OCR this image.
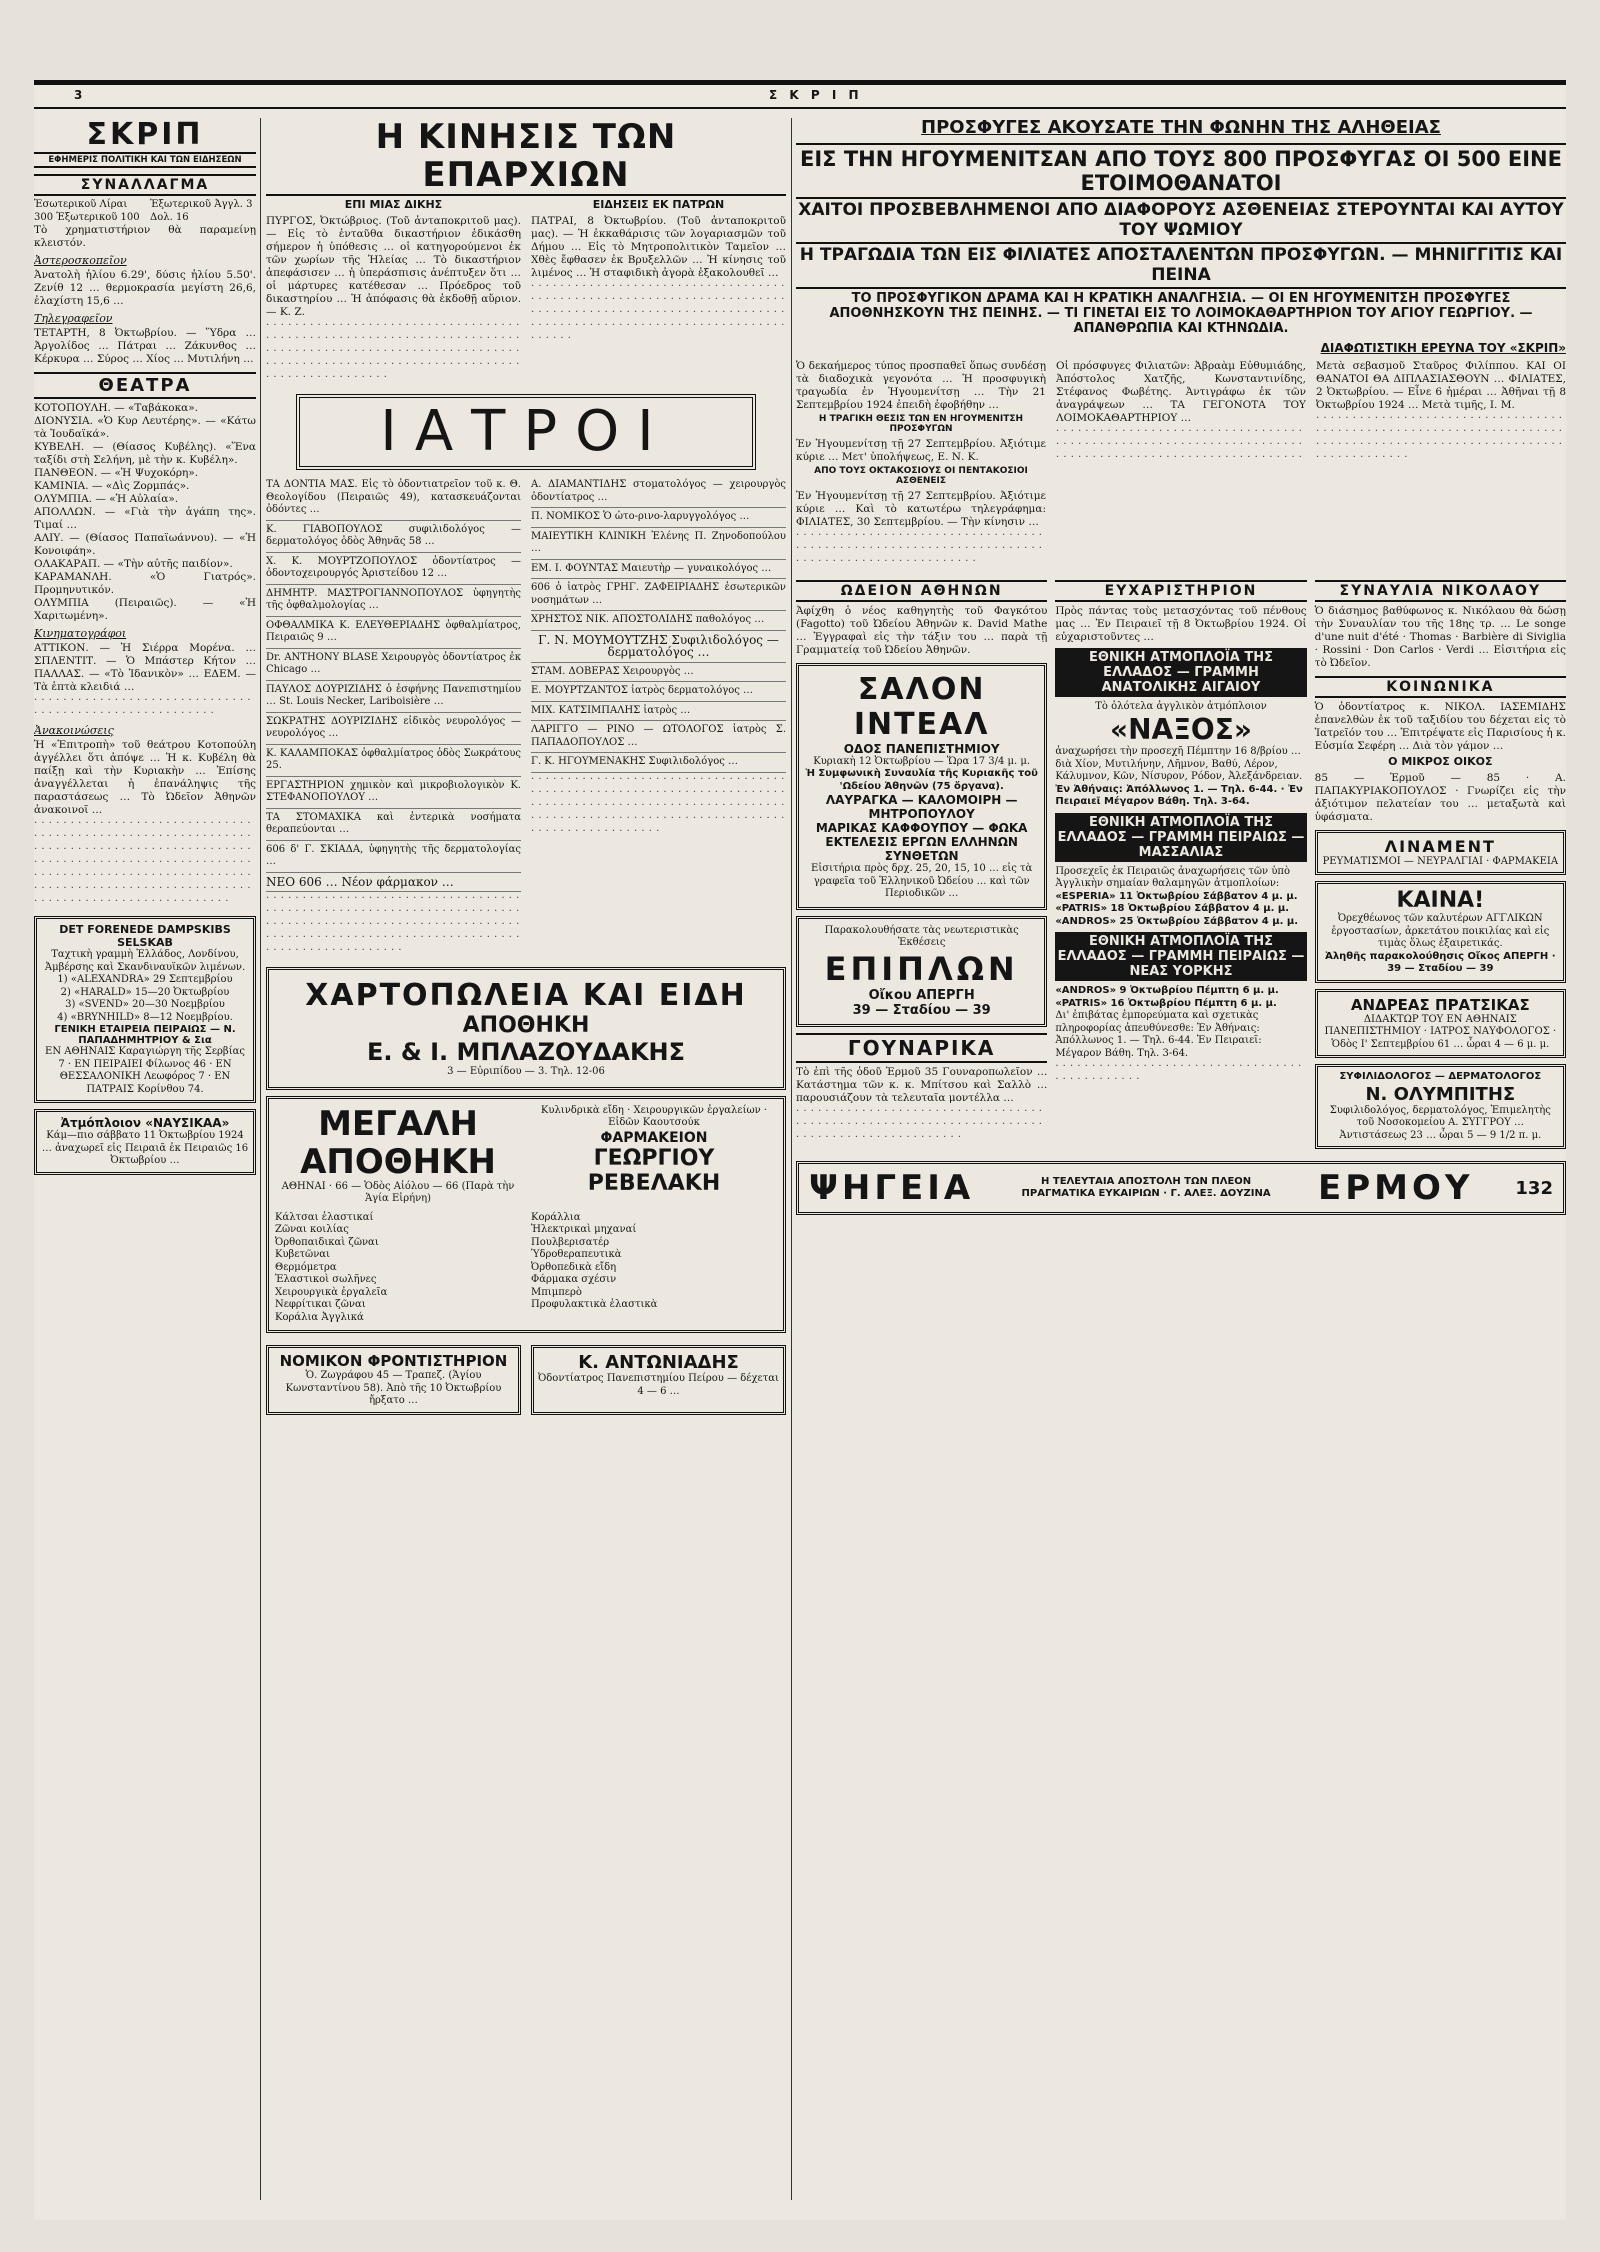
3	Σ Κ Ρ Ι Π
ΣΚΡΙΠ
ΕΦΗΜΕΡΙΣ ΠΟΛΙΤΙΚΗ ΚΑΙ ΤΩΝ ΕΙΔΗΣΕΩΝ
ΣΥΝΑΛΛΑΓΜΑ
Ἐσωτερικοῦ Λίραι 300 Ἐξωτερικοῦ 100
Ἐξωτερικοῦ Ἀγγλ. 3 Δολ. 16

Τὸ χρηματιστήριον θὰ παραμείνῃ κλειστόν.

Ἀστεροσκοπεῖον

Ἀνατολὴ ἡλίου 6.29', δύσις ἡλίου 5.50'. Ζενίθ 12 … θερμοκρασία μεγίστη 26,6, ἐλαχίστη 15,6 …

Τηλεγραφεῖον

ΤΕΤΑΡΤΗ, 8 Ὀκτωβρίου. — Ὕδρα … Ἀργολίδος … Πάτραι … Ζάκυνθος … Κέρκυρα … Σύρος … Χίος … Μυτιλήνη …

ΘΕΑΤΡΑ

ΚΟΤΟΠΟΥΛΗ. — «Ταβάκοκα».

ΔΙΟΝΥΣΙΑ. «Ὁ Κυρ Λευτέρης». — «Κάτω τὰ Ἰουδαϊκά».

ΚΥΒΕΛΗ. — (Θίασος Κυβέλης). «Ἕνα ταξίδι στὴ Σελήνη, μὲ τὴν κ. Κυβέλη».

ΠΑΝΘΕΟΝ. — «Ἡ Ψυχοκόρη».

ΚΑΜΙΝΙΑ. — «Δὶς Ζορμπάς».

ΟΛΥΜΠΙΑ. — «Ἡ Αὐλαία».

ΑΠΟΛΛΩΝ. — «Γιὰ τὴν ἀγάπη της». Τιμαί …

ΑΛΙΥ. — (Θίασος Παπαϊωάννου). — «Ἡ Κονοιφάη».

ΟΛΑΚΑΡΑΠ. — «Τὴν αὐτῆς παιδίον».

ΚΑΡΑΜΑΝΛΗ. «Ὁ Γιατρός». Προμηνυτικόν.

ΟΛΥΜΠΙΑ (Πειραιῶς). — «Ἡ Χαριτωμένη».

Κινηματογράφοι

ΑΤΤΙΚΟΝ. — Ἡ Σιέρρα Μορένα. … ΣΠΛΕΝΤΙΤ. — Ὁ Μπάστερ Κήτον … ΠΑΛΛΑΣ. — «Τὸ Ἰδανικὸν» … ΕΔΕΜ. — Τὰ ἑπτὰ κλειδιά …

· · · · · · · · · · · · · · · · · · · · · · · · · · · · · · · · · · · · · · · · · · · · · · · · · · · · · · ·

Ἀνακοινώσεις

Ἡ «Ἐπιτροπὴ» τοῦ θεάτρου Κοτοπούλη ἀγγέλλει ὅτι ἀπόψε … Ἡ κ. Κυβέλη θὰ παίξῃ καὶ τὴν Κυριακὴν … Ἐπίσης ἀναγγέλλεται ἡ ἐπανάληψις τῆς παραστάσεως … Τὸ Ὠδεῖον Ἀθηνῶν ἀνακοινοῖ …

· · · · · · · · · · · · · · · · · · · · · · · · · · · · · · · · · · · · · · · · · · · · · · · · · · · · · · · · · · · · · · · · · · · · · · · · · · · · · · · · · · · · · · · · · · · · · · · · · · · · · · · · · · · · · · · · · · · · · · · · · · · · · · · · · · · · · · · · · · · · · · · · · · · · · · · · · · · · · · · · · · · · · · · · · · · · · · · · · · · · · · · · · · · · · · · · · · · · · · · · · · · · · · ·

DET FORENEDE DAMPSKIBS SELSKAB

Ταχτικὴ γραμμὴ Ἑλλάδος, Λονδίνου, Ἀμβέρσης καὶ Σκανδιναυϊκῶν λιμένων.

1) «ALEXANDRA» 29 Σεπτεμβρίου

2) «HARALD» 15—20 Ὀκτωβρίου

3) «SVEND» 20—30 Νοεμβρίου

4) «BRYNHILD» 8—12 Νοεμβρίου.

ΓΕΝΙΚΗ ΕΤΑΙΡΕΙΑ ΠΕΙΡΑΙΩΣ — Ν. ΠΑΠΑΔΗΜΗΤΡΙΟΥ & Σια

ΕΝ ΑΘΗΝΑΙΣ Καραγιώργη τῆς Σερβίας 7 · ΕΝ ΠΕΙΡΑΙΕΙ Φίλωνος 46 · ΕΝ ΘΕΣΣΑΛΟΝΙΚΗ Λεωφόρος 7 · ΕΝ ΠΑΤΡΑΙΣ Κορίνθου 74.

Ἀτμόπλοιον «ΝΑΥΣΙΚΑΑ»

Κάμ—πιο σάββατο 11 Ὀκτωβρίου 1924 … ἀναχωρεῖ εἰς Πειραιᾶ ἐκ Πειραιῶς 16 Ὀκτωβρίου …

Η ΚΙΝΗΣΙΣ ΤΩΝ ΕΠΑΡΧΙΩΝ
ΕΠΙ ΜΙΑΣ ΔΙΚΗΣ

ΠΥΡΓΟΣ, Ὀκτώβριος. (Τοῦ ἀνταποκριτοῦ μας). — Εἰς τὸ ἐνταῦθα δικαστήριον ἐδικάσθη σήμερον ἡ ὑπόθεσις … οἱ κατηγορούμενοι ἐκ τῶν χωρίων τῆς Ἠλείας … Τὸ δικαστήριον ἀπεφάσισεν … ἡ ὑπεράσπισις ἀνέπτυξεν ὅτι … οἱ μάρτυρες κατέθεσαν … Πρόεδρος τοῦ δικαστηρίου … Ἡ ἀπόφασις θὰ ἐκδοθῇ αὔριον. — Κ. Ζ.

· · · · · · · · · · · · · · · · · · · · · · · · · · · · · · · · · · · · · · · · · · · · · · · · · · · · · · · · · · · · · · · · · · · · · · · · · · · · · · · · · · · · · · · · · · · · · · · · · · · · · · · · · · · · · · · · · · · · · · · · · · · · · · · · · · · · · · · · · · · · · · · · · · · · · · · · · · · · ·

ΕΙΔΗΣΕΙΣ ΕΚ ΠΑΤΡΩΝ

ΠΑΤΡΑΙ, 8 Ὀκτωβρίου. (Τοῦ ἀνταποκριτοῦ μας). — Ἡ ἐκκαθάρισις τῶν λογαριασμῶν τοῦ Δήμου … Εἰς τὸ Μητροπολιτικὸν Ταμεῖον … Χθὲς ἔφθασεν ἐκ Βρυξελλῶν … Ἡ κίνησις τοῦ λιμένος … Ἡ σταφιδικὴ ἀγορὰ ἐξακολουθεῖ …

· · · · · · · · · · · · · · · · · · · · · · · · · · · · · · · · · · · · · · · · · · · · · · · · · · · · · · · · · · · · · · · · · · · · · · · · · · · · · · · · · · · · · · · · · · · · · · · · · · · · · · · · · · · · · · · · · · · · · · · · · · · · · · · · · · · · · · · · · · · · · · · · · ·

ΙΑΤΡΟΙ

ΤΑ ΔΟΝΤΙΑ ΜΑΣ. Εἰς τὸ ὀδοντιατρεῖον τοῦ κ. Θ. Θεολογίδου (Πειραιῶς 49), κατασκευάζονται ὀδόντες …

Κ. ΓΙΑΒΟΠΟΥΛΟΣ συφιλιδολόγος — δερματολόγος ὁδὸς Ἀθηνᾶς 58 …

Χ. Κ. ΜΟΥΡΤΖΟΠΟΥΛΟΣ ὀδοντίατρος — ὀδοντοχειρουργός Ἀριστείδου 12 …

ΔΗΜΗΤΡ. ΜΑΣΤΡΟΓΙΑΝΝΟΠΟΥΛΟΣ ὑφηγητὴς τῆς ὀφθαλμολογίας …

ΟΦΘΑΛΜΙΚΑ Κ. ΕΛΕΥΘΕΡΙΑΔΗΣ ὀφθαλμίατρος, Πειραιῶς 9 …

Dr. ANTHONY BLASE Χειρουργὸς ὀδοντίατρος ἐκ Chicago …

ΠΑΥΛΟΣ ΔΟΥΡΙΖΙΔΗΣ ὁ ἐσφήνης Πανεπιστημίου … St. Louis Necker, Lariboisière …

ΣΩΚΡΑΤΗΣ ΔΟΥΡΙΖΙΔΗΣ εἰδικὸς νευρολόγος — νευρολόγος …

Κ. ΚΑΛΑΜΠΟΚΑΣ ὀφθαλμίατρος ὁδὸς Σωκράτους 25.

ΕΡΓΑΣΤΗΡΙΟΝ χημικὸν καὶ μικροβιολογικὸν Κ. ΣΤΕΦΑΝΟΠΟΥΛΟΥ …

ΤΑ ΣΤΟΜΑΧΙΚΑ καὶ ἐντερικὰ νοσήματα θεραπεύονται …

606 δ' Γ. ΣΚΙΑΔΑ, ὑφηγητὴς τῆς δερματολογίας …

NEO 606 … Νέον φάρμακον …

· · · · · · · · · · · · · · · · · · · · · · · · · · · · · · · · · · · · · · · · · · · · · · · · · · · · · · · · · · · · · · · · · · · · · · · · · · · · · · · · · · · · · · · · · · · · · · · · · · · · · · · · · · · · · · · · · · · · · · · · · · · · · · · · · · · · · · · · · · · · · · · · · · · · · · · · · · · · · · ·

Α. ΔΙΑΜΑΝΤΙΔΗΣ στοματολόγος — χειρουργὸς ὀδοντίατρος …

Π. ΝΟΜΙΚΟΣ Ὁ ὠτο-ρινο-λαρυγγολόγος …

ΜΑΙΕΥΤΙΚΗ ΚΛΙΝΙΚΗ Ἐλένης Π. Ζηνοδοπούλου …

ΕΜ. Ι. ΦΟΥΝΤΑΣ Μαιευτὴρ — γυναικολόγος …

606 ὁ ἰατρὸς ΓΡΗΓ. ΖΑΦΕΙΡΙΑΔΗΣ ἐσωτερικῶν νοσημάτων …

ΧΡΗΣΤΟΣ ΝΙΚ. ΑΠΟΣΤΟΛΙΔΗΣ παθολόγος …

Γ. Ν. ΜΟΥΜΟΥΤΖΗΣ Συφιλιδολόγος — δερματολόγος …

ΣΤΑΜ. ΔΟΒΕΡΑΣ Χειρουργὸς …

Ε. ΜΟΥΡΤΖΑΝΤΟΣ ἰατρὸς δερματολόγος …

ΜΙΧ. ΚΑΤΣΙΜΠΑΛΗΣ ἰατρὸς …

ΛΑΡΙΓΓΟ — ΡΙΝΟ — ΩΤΟΛΟΓΟΣ ἰατρὸς Σ. ΠΑΠΑΔΟΠΟΥΛΟΣ …

Γ. Κ. ΗΓΟΥΜΕΝΑΚΗΣ Συφιλιδολόγος …

· · · · · · · · · · · · · · · · · · · · · · · · · · · · · · · · · · · · · · · · · · · · · · · · · · · · · · · · · · · · · · · · · · · · · · · · · · · · · · · · · · · · · · · · · · · · · · · · · · · · · · · · · · · · · · · · · · · · · · · · · · · · · · · · · · · · · · · · · · · · · · · · · · · · · · · · · · · · · ·

ΧΑΡΤΟΠΩΛΕΙΑ ΚΑΙ ΕΙΔΗ
ΑΠΟΘΗΚΗ
Ε. & Ι. ΜΠΛΑΖΟΥΔΑΚΗΣ
3 — Εὐριπίδου — 3. Τηλ. 12-06
ΜΕΓΑΛΗ ΑΠΟΘΗΚΗ
ΑΘΗΝΑΙ · 66 — Ὁδὸς Αἰόλου — 66 (Παρὰ τὴν Ἁγία Εἰρήνη)
Κυλινδρικὰ εἴδη · Χειρουργικῶν ἐργαλείων · Εἰδῶν Καουτσούκ
ΦΑΡΜΑΚΕΙΟΝ
ΓΕΩΡΓΙΟΥ ΡΕΒΕΛΑΚΗ
Κάλτσαι ἐλαστικαί
Ζῶναι κοιλίας
Ὀρθοπαιδικαὶ ζῶναι
Κυβετῶναι
Θερμόμετρα
Ἐλαστικοὶ σωλῆνες
Χειρουργικὰ ἐργαλεῖα
Νεφρίτικαι ζῶναι
Κοράλια Ἀγγλικά
Κοράλλια
Ἠλεκτρικαὶ μηχαναί
Πουλβερισατέρ
Ὑδροθεραπευτικὰ
Ὀρθοπεδικὰ εἴδη
Φάρμακα σχέσιν
Μπιμπερὸ
Προφυλακτικὰ ἐλαστικὰ
ΝΟΜΙΚΟΝ ΦΡΟΝΤΙΣΤΗΡΙΟΝ

Ὁ. Ζωγράφου 45 — Τραπεζ. (Ἁγίου Κωνσταντίνου 58). Ἀπὸ τῆς 10 Ὀκτωβρίου ἤρξατο …

Κ. ΑΝΤΩΝΙΑΔΗΣ

Ὀδοντίατρος Πανεπιστημίου Πείρου — δέχεται 4 — 6 …

ΠΡΟΣΦΥΓΕΣ ΑΚΟΥΣΑΤΕ ΤΗΝ ΦΩΝΗΝ ΤΗΣ ΑΛΗΘΕΙΑΣ
ΕΙΣ ΤΗΝ ΗΓΟΥΜΕΝΙΤΣΑΝ ΑΠΟ ΤΟΥΣ 800 ΠΡΟΣΦΥΓΑΣ ΟΙ 500 ΕΙΝΕ ΕΤΟΙΜΟΘΑΝΑΤΟΙ
ΧΑΙΤΟΙ ΠΡΟΣΒΕΒΛΗΜΕΝΟΙ ΑΠΟ ΔΙΑΦΟΡΟΥΣ ΑΣΘΕΝΕΙΑΣ ΣΤΕΡΟΥΝΤΑΙ ΚΑΙ ΑΥΤΟΥ ΤΟΥ ΨΩΜΙΟΥ
Η ΤΡΑΓΩΔΙΑ ΤΩΝ ΕΙΣ ΦΙΛΙΑΤΕΣ ΑΠΟΣΤΑΛΕΝΤΩΝ ΠΡΟΣΦΥΓΩΝ. — ΜΗΝΙΓΓΙΤΙΣ ΚΑΙ ΠΕΙΝΑ
ΤΟ ΠΡΟΣΦΥΓΙΚΟΝ ΔΡΑΜΑ ΚΑΙ Η ΚΡΑΤΙΚΗ ΑΝΑΛΓΗΣΙΑ. — ΟΙ ΕΝ ΗΓΟΥΜΕΝΙΤΣΗ ΠΡΟΣΦΥΓΕΣ ΑΠΟΘΝΗΣΚΟΥΝ ΤΗΣ ΠΕΙΝΗΣ. — ΤΙ ΓΙΝΕΤΑΙ ΕΙΣ ΤΟ ΛΟΙΜΟΚΑΘΑΡΤΗΡΙΟΝ ΤΟΥ ΑΓΙΟΥ ΓΕΩΡΓΙΟΥ. — ΑΠΑΝΘΡΩΠΙΑ ΚΑΙ ΚΤΗΝΩΔΙΑ.
ΔΙΑΦΩΤΙΣΤΙΚΗ ΕΡΕΥΝΑ ΤΟΥ «ΣΚΡΙΠ»

Ὁ δεκαήμερος τύπος προσπαθεῖ ὅπως συνδέσῃ τὰ διαδοχικὰ γεγονότα … Ἡ προσφυγικὴ τραγωδία ἐν Ἡγουμενίτσῃ … Τὴν 21 Σεπτεμβρίου 1924 ἐπειδὴ ἐφοβήθην …

Η ΤΡΑΓΙΚΗ ΘΕΣΙΣ ΤΩΝ ΕΝ ΗΓΟΥΜΕΝΙΤΣΗ ΠΡΟΣΦΥΓΩΝ

Ἐν Ἡγουμενίτσῃ τῇ 27 Σεπτεμβρίου. Ἀξιότιμε κύριε … Μετ' ὑπολήψεως, Ε. Ν. Κ.

ΑΠΟ ΤΟΥΣ ΟΚΤΑΚΟΣΙΟΥΣ ΟΙ ΠΕΝΤΑΚΟΣΙΟΙ ΑΣΘΕΝΕΙΣ

Ἐν Ἡγουμενίτσῃ τῇ 27 Σεπτεμβρίου. Ἀξιότιμε κύριε … Καὶ τὸ κατωτέρω τηλεγράφημα: ΦΙΛΙΑΤΕΣ, 30 Σεπτεμβρίου. — Τὴν κίνησιν …

· · · · · · · · · · · · · · · · · · · · · · · · · · · · · · · · · · · · · · · · · · · · · · · · · · · · · · · · · · · · · · · · · · · · · · · · · · · · · · · · · · · · · · · · · · · · ·

Οἱ πρόσφυγες Φιλιατῶν: Ἀβραὰμ Εὐθυμιάδης, Ἀπόστολος Χατζῆς, Κωνσταντινίδης, Στέφανος Φωβέτης. Ἀντιγράφω ἐκ τῶν ἀναγράψεων … ΤΑ ΓΕΓΟΝΟΤΑ ΤΟΥ ΛΟΙΜΟΚΑΘΑΡΤΗΡΙΟΥ …

· · · · · · · · · · · · · · · · · · · · · · · · · · · · · · · · · · · · · · · · · · · · · · · · · · · · · · · · · · · · · · · · · · · · · · · · · · · · · · · · · · · · · · · · · · · · · · · · · · · · · ·

Μετὰ σεβασμοῦ Σταῦρος Φιλίππου. ΚΑΙ ΟΙ ΘΑΝΑΤΟΙ ΘΑ ΔΙΠΛΑΣΙΑΣΘΟΥΝ … ΦΙΛΙΑΤΕΣ, 2 Ὀκτωβρίου. — Εἶνε 6 ἡμέραι … Ἀθῆναι τῇ 8 Ὀκτωβρίου 1924 … Μετὰ τιμῆς, Ι. Μ.

· · · · · · · · · · · · · · · · · · · · · · · · · · · · · · · · · · · · · · · · · · · · · · · · · · · · · · · · · · · · · · · · · · · · · · · · · · · · · · · · · · · · · · · · · · · · · · · · · · · · · · · · · · · · · · · · · · ·

ΩΔΕΙΟΝ ΑΘΗΝΩΝ

Ἀφίχθη ὁ νέος καθηγητὴς τοῦ Φαγκότου (Fagotto) τοῦ Ὠδείου Ἀθηνῶν κ. David Mathe … Ἐγγραφαὶ εἰς τὴν τάξιν του … παρὰ τῇ Γραμματείᾳ τοῦ Ὠδείου Ἀθηνῶν.

ΣΑΛΟΝ ΙΝΤΕΑΛ
ΟΔΟΣ ΠΑΝΕΠΙΣΤΗΜΙΟΥ

Κυριακὴ 12 Ὀκτωβρίου — Ὥρα 17 3/4 μ. μ.

Ἡ Συμφωνικὴ Συναυλία τῆς Κυριακῆς τοῦ 'Ωδείου Ἀθηνῶν (75 ὄργανα).

ΛΑΥΡΑΓΚΑ — ΚΑΛΟΜΟΙΡΗ — ΜΗΤΡΟΠΟΥΛΟΥ

ΜΑΡΙΚΑΣ ΚΑΦΦΟΥΠΟΥ — ΦΩΚΑ

ΕΚΤΕΛΕΣΙΣ ΕΡΓΩΝ ΕΛΛΗΝΩΝ ΣΥΝΘΕΤΩΝ

Εἰσιτήρια πρὸς δρχ. 25, 20, 15, 10 … εἰς τὰ γραφεῖα τοῦ Ἑλληνικοῦ Ὠδείου … καὶ τῶν Περιοδικῶν …

Παρακολουθήσατε τὰς νεωτεριστικὰς Ἐκθέσεις

ΕΠΙΠΛΩΝ
Οἴκου ΑΠΕΡΓΗ
39 — Σταδίου — 39
ΓΟΥΝΑΡΙΚΑ

Τὸ ἐπὶ τῆς ὁδοῦ Ἑρμοῦ 35 Γουναροπωλεῖον … Κατάστημα τῶν κ. κ. Μπίτσου καὶ Σαλλὸ … παρουσιάζουν τὰ τελευταῖα μοντέλλα …

· · · · · · · · · · · · · · · · · · · · · · · · · · · · · · · · · · · · · · · · · · · · · · · · · · · · · · · · · · · · · · · · · · · · · · · · · · · · · · · · · · · · · · · · · · ·

ΕΥΧΑΡΙΣΤΗΡΙΟΝ

Πρὸς πάντας τοὺς μετασχόντας τοῦ πένθους μας … Ἐν Πειραιεῖ τῇ 8 Ὀκτωβρίου 1924. Οἱ εὐχαριστοῦντες …

ΕΘΝΙΚΗ ΑΤΜΟΠΛΟΪΑ ΤΗΣ ΕΛΛΑΔΟΣ — ΓΡΑΜΜΗ ΑΝΑΤΟΛΙΚΗΣ ΑΙΓΑΙΟΥ

Τὸ ὀλότελα ἀγγλικὸν ἀτμόπλοιον

«ΝΑΞΟΣ»

ἀναχωρήσει τὴν προσεχῆ Πέμπτην 16 8/βρίου … διὰ Χίον, Μυτιλήνην, Λῆμνον, Βαθύ, Λέρον, Κάλυμνον, Κῶν, Νίσυρον, Ρόδον, Ἀλεξάνδρειαν.

Ἐν Ἀθήναις: Ἀπόλλωνος 1. — Τηλ. 6-44. · Ἐν Πειραιεῖ Μέγαρον Βάθη. Τηλ. 3-64.

ΕΘΝΙΚΗ ΑΤΜΟΠΛΟΪΑ ΤΗΣ ΕΛΛΑΔΟΣ — ΓΡΑΜΜΗ ΠΕΙΡΑΙΩΣ — ΜΑΣΣΑΛΙΑΣ

Προσεχεῖς ἐκ Πειραιῶς ἀναχωρήσεις τῶν ὑπὸ Ἀγγλικὴν σημαίαν θαλαμηγῶν ἀτμοπλοίων:

«ESPERIA» 11 Ὀκτωβρίου Σάββατον 4 μ. μ.

«PATRIS» 18 Ὀκτωβρίου Σάββατον 4 μ. μ.

«ANDROS» 25 Ὀκτωβρίου Σάββατον 4 μ. μ.

ΕΘΝΙΚΗ ΑΤΜΟΠΛΟΪΑ ΤΗΣ ΕΛΛΑΔΟΣ — ΓΡΑΜΜΗ ΠΕΙΡΑΙΩΣ — ΝΕΑΣ ΥΟΡΚΗΣ

«ANDROS» 9 Ὀκτωβρίου Πέμπτη 6 μ. μ.

«PATRIS» 16 Ὀκτωβρίου Πέμπτη 6 μ. μ.

Δι' ἐπιβάτας ἐμπορεύματα καὶ σχετικὰς πληροφορίας ἀπευθύνεσθε: Ἐν Ἀθήναις: Ἀπόλλωνος 1. — Τηλ. 6-44. Ἐν Πειραιεῖ: Μέγαρον Βάθη. Τηλ. 3-64.

· · · · · · · · · · · · · · · · · · · · · · · · · · · · · · · · · · · · · · · · · · · · · ·

ΣΥΝΑΥΛΙΑ ΝΙΚΟΛΑΟΥ

Ὁ διάσημος βαθύφωνος κ. Νικόλαου θὰ δώσῃ τὴν Συναυλίαν του τῆς 18ης τρ. … Le songe d'une nuit d'été · Thomas · Barbière di Siviglia · Rossini · Don Carlos · Verdi … Εἰσιτήρια εἰς τὸ Ὠδεῖον.

ΚΟΙΝΩΝΙΚΑ

Ὁ ὀδοντίατρος κ. ΝΙΚΟΛ. ΙΑΣΕΜΙΔΗΣ ἐπανελθὼν ἐκ τοῦ ταξιδίου του δέχεται εἰς τὸ Ἰατρεῖόν του … Ἐπιτρέψατε εἰς Παρισίους ἡ κ. Εὐσμία Σεφέρη … Διὰ τὸν γάμον …

Ο ΜΙΚΡΟΣ ΟΙΚΟΣ

85 — Ἑρμοῦ — 85 · Α. ΠΑΠΑΚΥΡΙΑΚΟΠΟΥΛΟΣ · Γνωρίζει εἰς τὴν ἀξιότιμον πελατείαν του … μεταξωτὰ καὶ ὑφάσματα.

ΛΙΝΑΜΕΝΤ
ΡΕΥΜΑΤΙΣΜΟΙ — ΝΕΥΡΑΛΓΙΑΙ · ΦΑΡΜΑΚΕΙΑ
ΚΑΙΝΑ!

Ὀρεχθέωνος τῶν καλυτέρων ΑΓΓΛΙΚΩΝ ἐργοστασίων, ἀρκετάτου ποικιλίας καὶ εἰς τιμὰς ὅλως ἐξαιρετικάς.

Ἀληθῆς παρακολούθησις Οἴκος ΑΠΕΡΓΗ · 39 — Σταδίου — 39

ΑΝΔΡΕΑΣ ΠΡΑΤΣΙΚΑΣ

ΔΙΔΑΚΤΩΡ ΤΟΥ ΕΝ ΑΘΗΝΑΙΣ ΠΑΝΕΠΙΣΤΗΜΙΟΥ · ΙΑΤΡΟΣ ΝΑΥΦΟΛΟΓΟΣ · Ὁδὸς Ι' Σεπτεμβρίου 61 … ὧραι 4 — 6 μ. μ.

ΣΥΦΙΛΙΔΟΛΟΓΟΣ — ΔΕΡΜΑΤΟΛΟΓΟΣ
Ν. ΟΛΥΜΠΙΤΗΣ

Συφιλιδολόγος, δερματολόγος, Ἐπιμελητὴς τοῦ Νοσοκομείου Α. ΣΥΓΓΡΟΥ … Ἀντιστάσεως 23 … ὧραι 5 — 9 1/2 π. μ.

ΨΗΓΕΙΑ	Η ΤΕΛΕΥΤΑΙΑ ΑΠΟΣΤΟΛΗ ΤΩΝ ΠΛΕΟΝ ΠΡΑΓΜΑΤΙΚΑ ΕΥΚΑΙΡΙΩΝ · Γ. ΑΛΕΞ. ΔΟΥΖΙΝΑ ΕΡΜΟΥ 132
